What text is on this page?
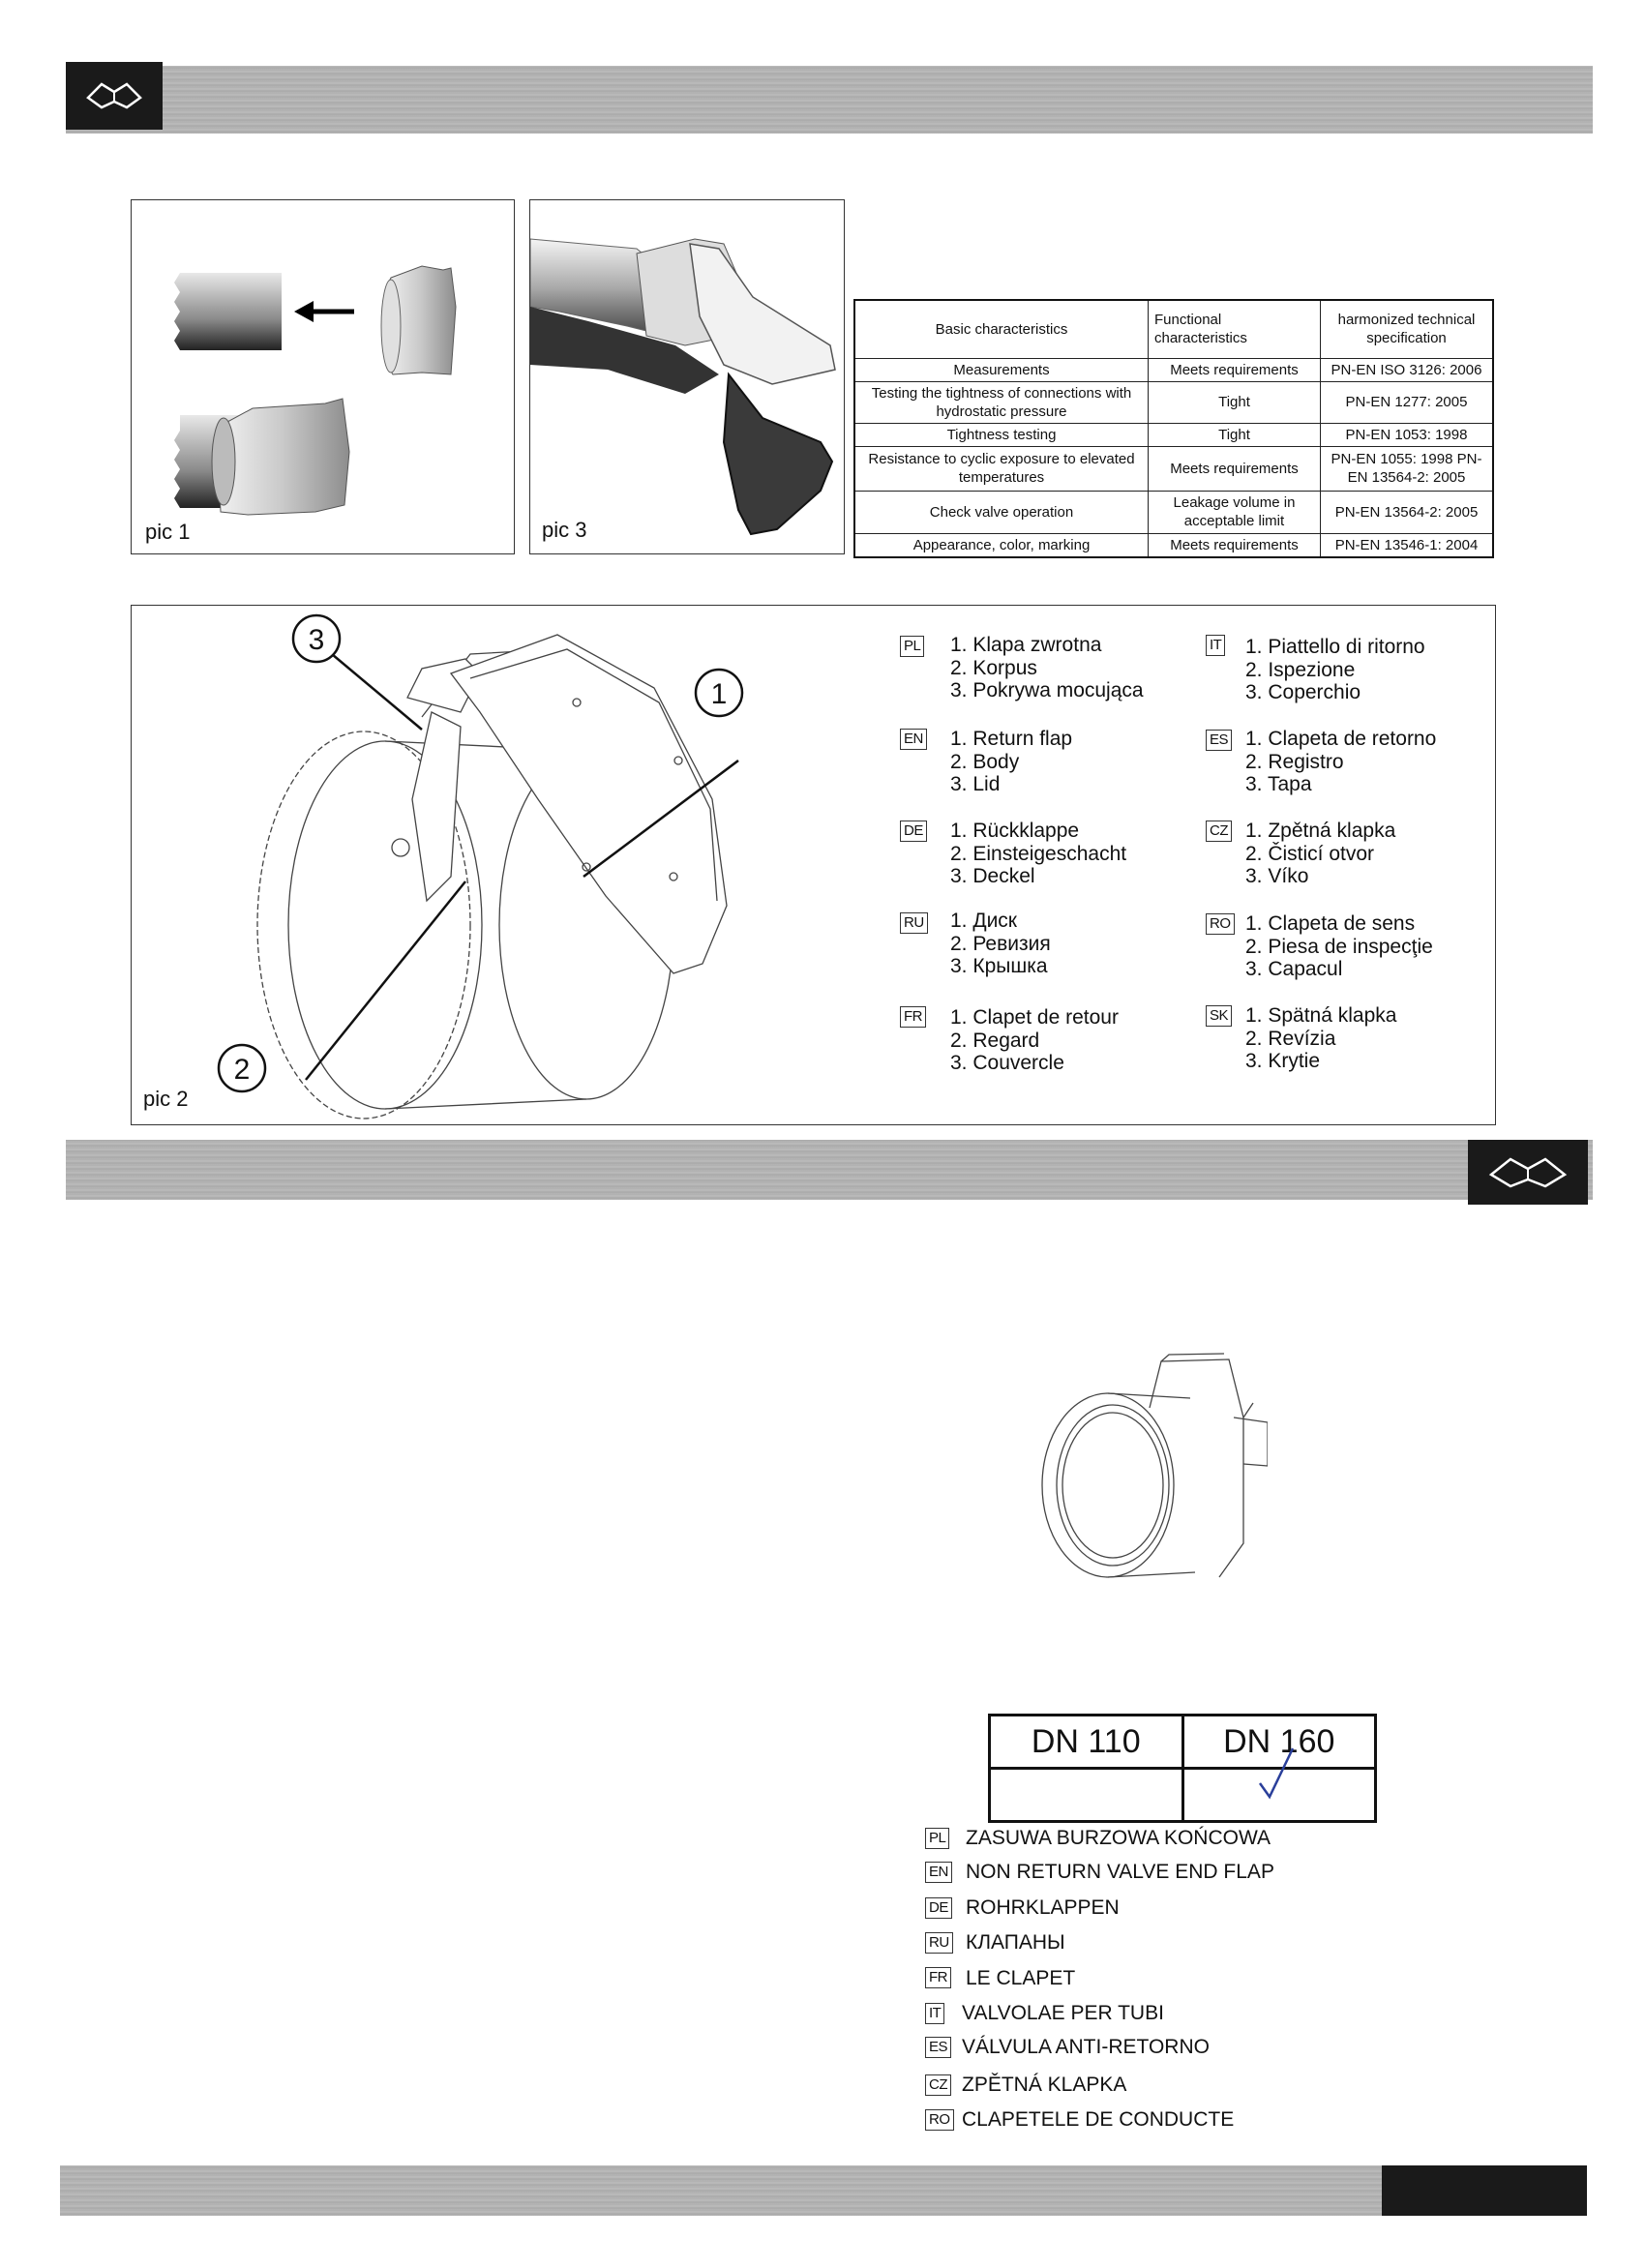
pic 1	pic 3
Basic characteristics	Functional characteristics	harmonized technical specification
Measurements	Meets requirements	PN-EN ISO 3126: 2006
Testing the tightness of connections with hydrostatic pressure	Tight	PN-EN 1277: 2005
Tightness testing	Tight	PN-EN 1053: 1998
Resistance to cyclic exposure to elevated temperatures	Meets requirements	PN-EN 1055: 1998 PN-EN 13564-2: 2005
Check valve operation	Leakage volume in acceptable limit	PN-EN 13564-2: 2005
Appearance, color, marking	Meets requirements	PN-EN 13546-1: 2004
1
2
3
pic 2
PL 1. Klapa zwrotna
2. Korpus
3. Pokrywa mocująca
EN 1. Return flap
2. Body
3. Lid
DE 1. Rückklappe
2. Einsteigeschacht
3. Deckel
RU 1. Диск
2. Ревизия
3. Крышка
FR 1. Clapet de retour
2. Regard
3. Couvercle
IT 1. Piattello di ritorno
2. Ispezione
3. Coperchio
ES 1. Clapeta de retorno
2. Registro
3. Tapa
CZ 1. Zpětná klapka
2. Čisticí otvor
3. Víko
RO 1. Clapeta de sens
2. Piesa de inspecţie
3. Capacul
SK 1. Spätná klapka
2. Revízia
3. Krytie
DN 110	DN 160

PL ZASUWA BURZOWA KOŃCOWA
EN NON RETURN VALVE END FLAP
DE ROHRKLAPPEN
RU КЛАПАНЫ
FR LE CLAPET
IT VALVOLAE PER TUBI
ES VÁLVULA ANTI-RETORNO
CZ ZPĚTNÁ KLAPKA
RO CLAPETELE DE CONDUCTE
